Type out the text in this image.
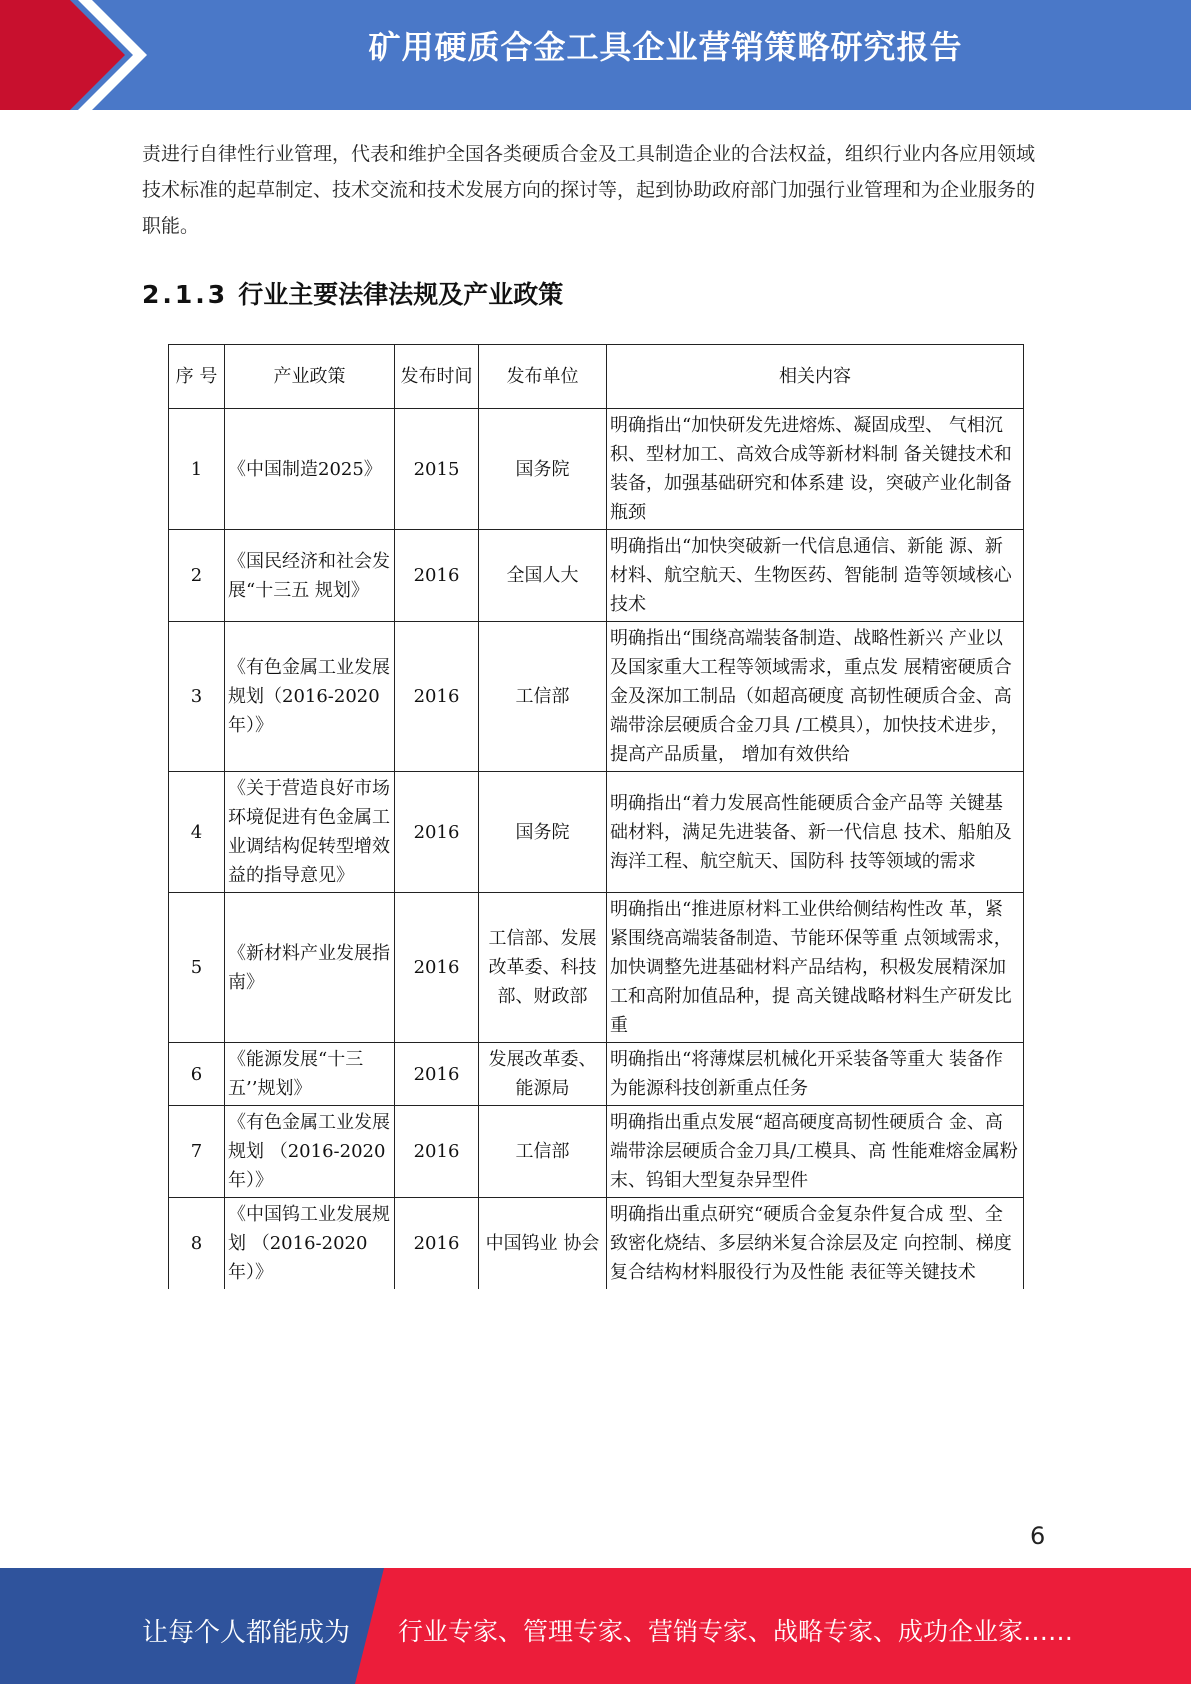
矿用硬质合金工具企业营销策略研究报告
责进行自律性行业管理，代表和维护全国各类硬质合金及工具制造企业的合法权益，组织行业内各应用领域技术标准的起草制定、技术交流和技术发展方向的探讨等，起到协助政府部门加强行业管理和为企业服务的职能。
2.1.3 行业主要法律法规及产业政策
序 号	产业政策	发布时间	发布单位	相关内容
1	《中国制造2025》	2015	国务院	明确指出“加快研发先进熔炼、凝固成型、 气相沉积、型材加工、高效合成等新材料制 备关键技术和装备，加强基础研究和体系建 设，突破产业化制备瓶颈
2	《国民经济和社会发展“十三五 规划》	2016	全国人大	明确指出“加快突破新一代信息通信、新能 源、新材料、航空航天、生物医药、智能制 造等领域核心技术
3	《有色金属工业发展规划（2016-2020 年）》	2016	工信部	明确指出“围绕高端装备制造、战略性新兴 产业以及国家重大工程等领域需求，重点发 展精密硬质合金及深加工制品（如超高硬度 高韧性硬质合金、高端带涂层硬质合金刀具 /工模具），加快技术进步，提高产品质量， 增加有效供给
4	《关于营造良好市场环境促进有色金属工业调结构促转型增效益的指导意见》	2016	国务院	明确指出“着力发展高性能硬质合金产品等 关键基础材料，满足先进装备、新一代信息 技术、船舶及海洋工程、航空航天、国防科 技等领域的需求
5	《新材料产业发展指南》	2016	工信部、发展改革委、科技部、财政部	明确指出“推进原材料工业供给侧结构性改 革，紧紧围绕高端装备制造、节能环保等重 点领域需求，加快调整先进基础材料产品结构，积极发展精深加工和高附加值品种，提 高关键战略材料生产研发比重
6	《能源发展“十三五’’规划》	2016	发展改革委、能源局	明确指出“将薄煤层机械化开采装备等重大 装备作为能源科技创新重点任务
7	《有色金属工业发展规划 （2016-2020 年）》	2016	工信部	明确指出重点发展“超高硬度高韧性硬质合 金、高端带涂层硬质合金刀具/工模具、高 性能难熔金属粉末、钨钼大型复杂异型件
8	《中国钨工业发展规划 （2016-2020 年）》	2016	中国钨业 协会	明确指出重点研究“硬质合金复杂件复合成 型、全致密化烧结、多层纳米复合涂层及定 向控制、梯度复合结构材料服役行为及性能 表征等关键技术
6
让每个人都能成为 行业专家、管理专家、营销专家、战略专家、成功企业家……
